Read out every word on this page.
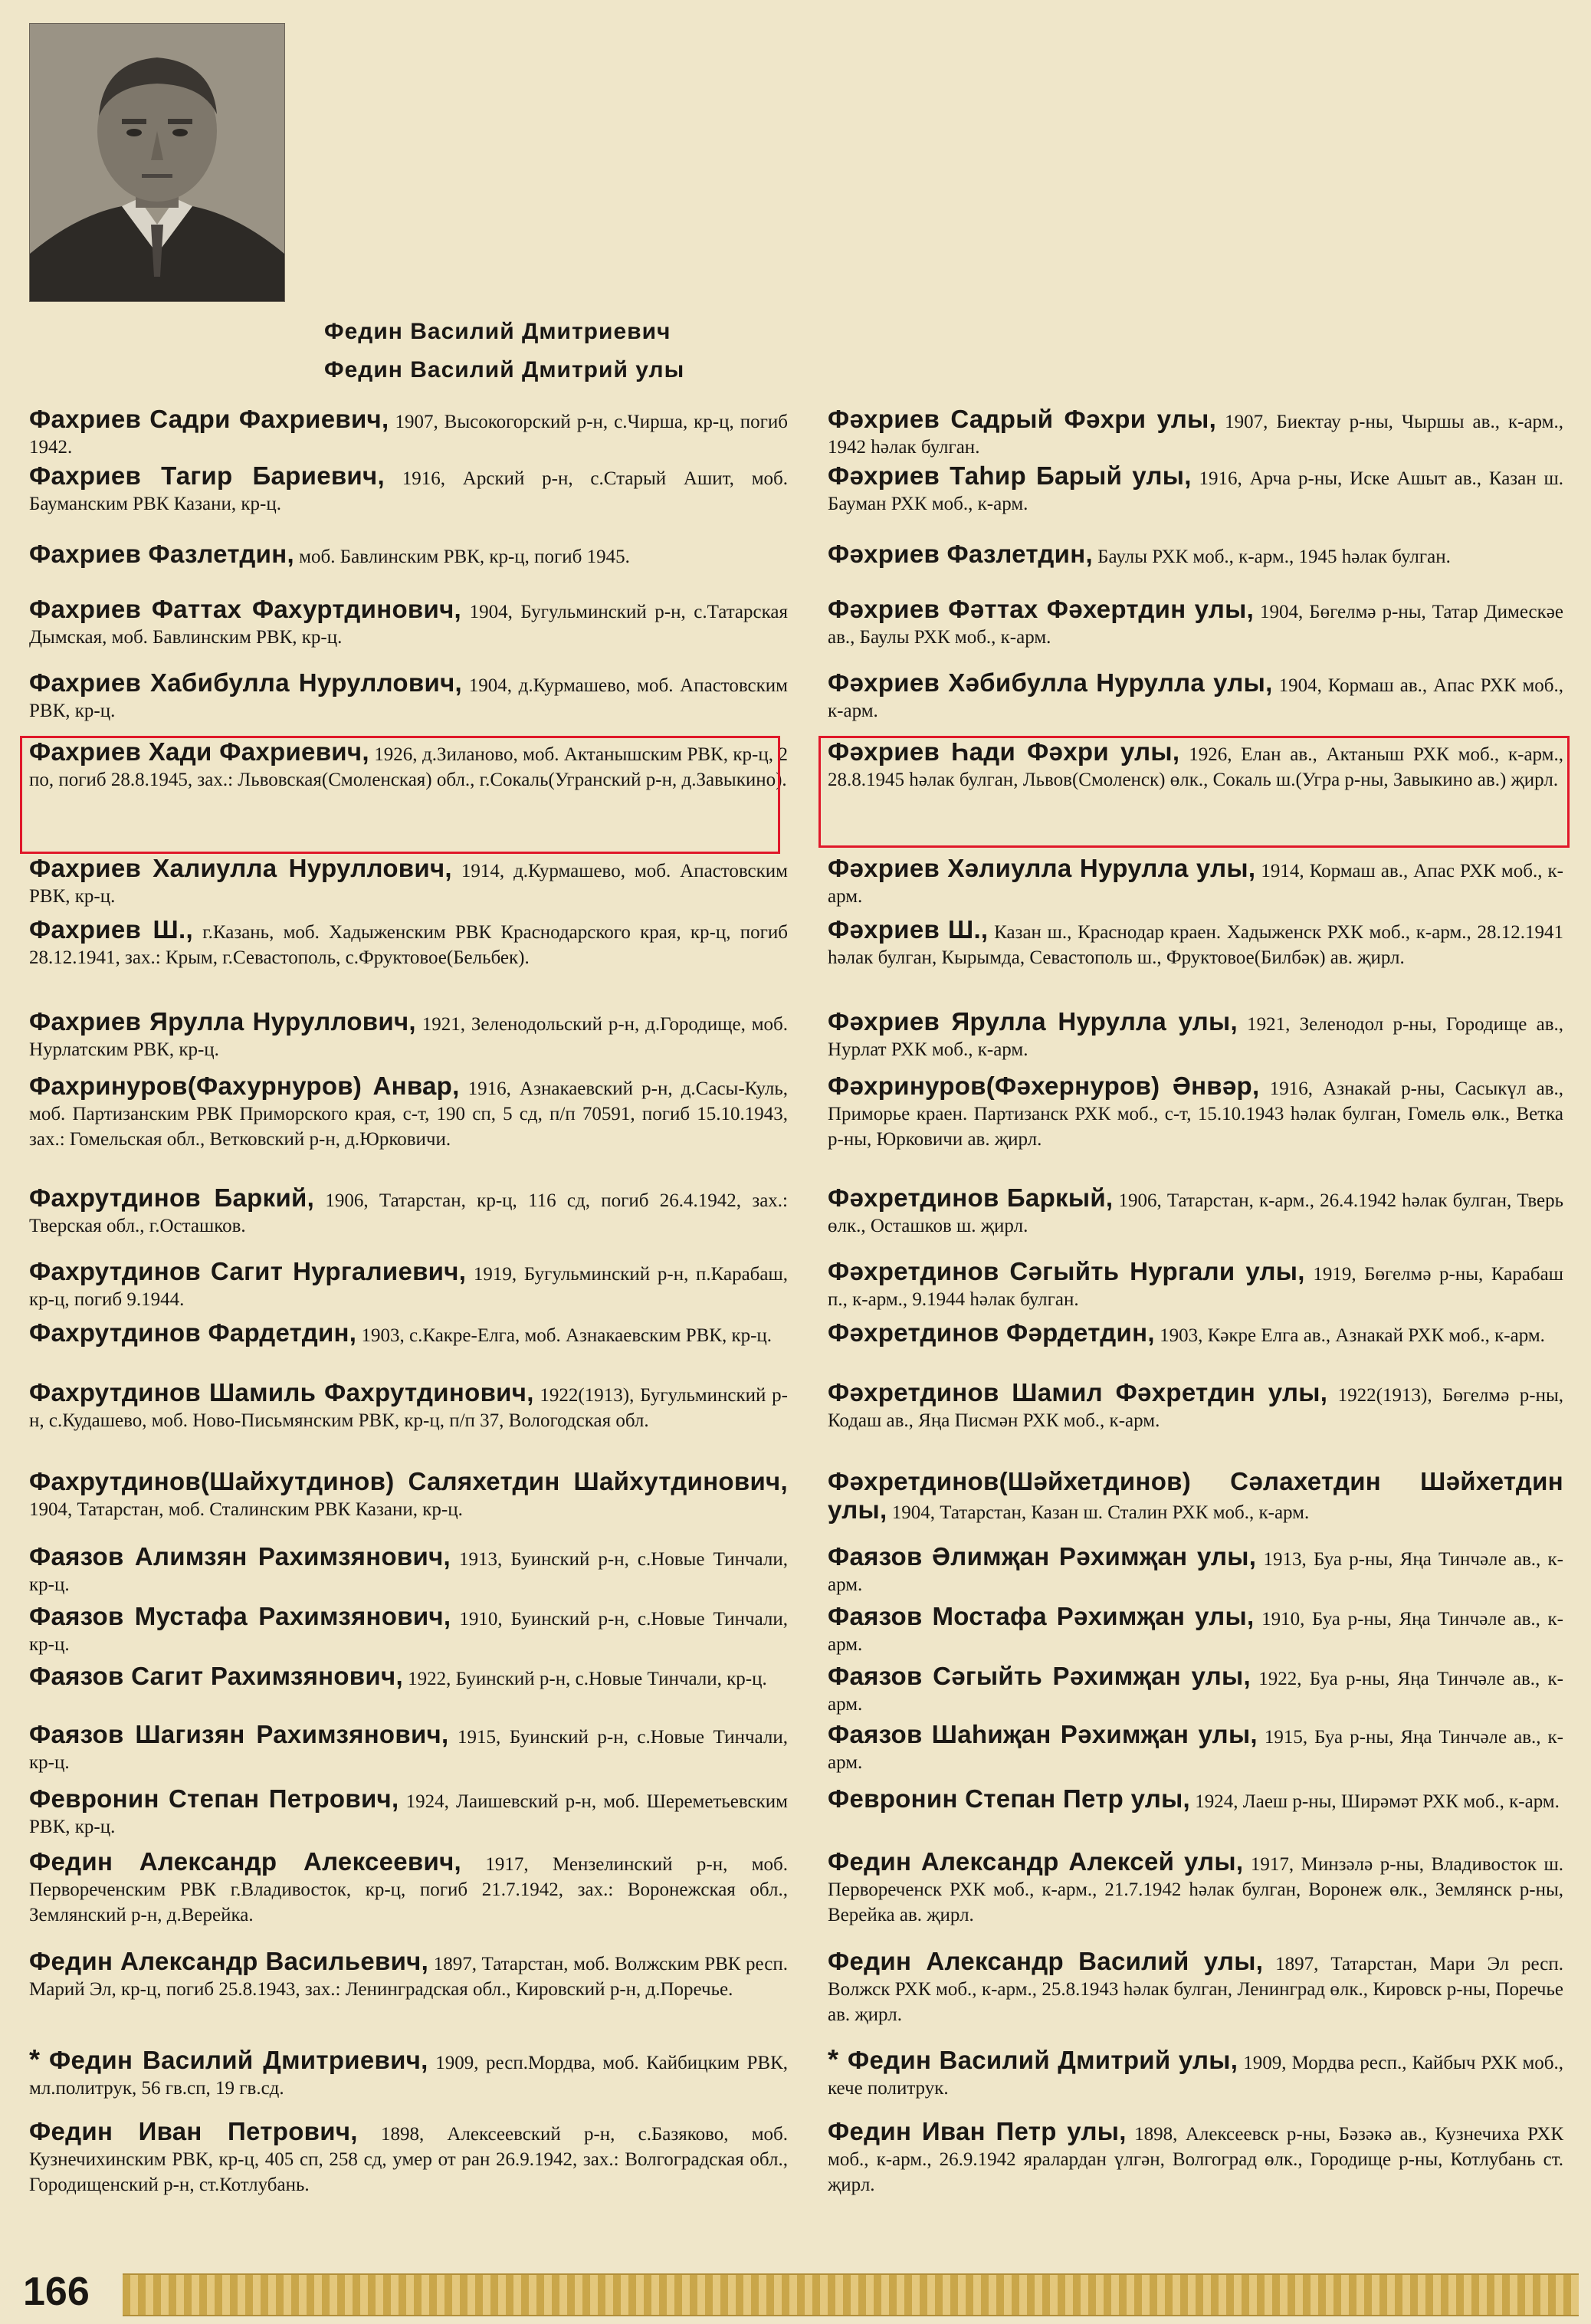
Федин Василий Дмитриевич
Федин Василий Дмитрий улы
Фахриев Садри Фахриевич, 1907, Высокогорский р-н, с.Чирша, кр-ц, погиб 1942.
Фахриев Тагир Бариевич, 1916, Арский р-н, с.Старый Ашит, моб. Бауманским РВК Казани, кр-ц.
Фахриев Фазлетдин, моб. Бавлинским РВК, кр-ц, погиб 1945.
Фахриев Фаттах Фахуртдинович, 1904, Бугульминский р-н, с.Татарская Дымская, моб. Бавлинским РВК, кр-ц.
Фахриев Хабибулла Нуруллович, 1904, д.Курмашево, моб. Апастовским РВК, кр-ц.
Фахриев Хади Фахриевич, 1926, д.Зиланово, моб. Актанышским РВК, кр-ц, 2 по, погиб 28.8.1945, зах.: Львовская(Смоленская) обл., г.Сокаль(Угранский р-н, д.Завыкино).
Фахриев Халиулла Нуруллович, 1914, д.Курмашево, моб. Апастовским РВК, кр-ц.
Фахриев Ш., г.Казань, моб. Хадыженским РВК Краснодарского края, кр-ц, погиб 28.12.1941, зах.: Крым, г.Севастополь, с.Фруктовое(Бельбек).
Фахриев Ярулла Нуруллович, 1921, Зеленодольский р-н, д.Городище, моб. Нурлатским РВК, кр-ц.
Фахринуров(Фахурнуров) Анвар, 1916, Азнакаевский р-н, д.Сасы-Куль, моб. Партизанским РВК Приморского края, с-т, 190 сп, 5 сд, п/п 70591, погиб 15.10.1943, зах.: Гомельская обл., Ветковский р-н, д.Юрковичи.
Фахрутдинов Баркий, 1906, Татарстан, кр-ц, 116 сд, погиб 26.4.1942, зах.: Тверская обл., г.Осташков.
Фахрутдинов Сагит Нургалиевич, 1919, Бугульминский р-н, п.Карабаш, кр-ц, погиб 9.1944.
Фахрутдинов Фардетдин, 1903, с.Какре-Елга, моб. Азнакаевским РВК, кр-ц.
Фахрутдинов Шамиль Фахрутдинович, 1922(1913), Бугульминский р-н, с.Кудашево, моб. Ново-Письмянским РВК, кр-ц, п/п 37, Вологодская обл.
Фахрутдинов(Шайхутдинов) Саляхетдин Шайхутдинович, 1904, Татарстан, моб. Сталинским РВК Казани, кр-ц.
Фаязов Алимзян Рахимзянович, 1913, Буинский р-н, с.Новые Тинчали, кр-ц.
Фаязов Мустафа Рахимзянович, 1910, Буинский р-н, с.Новые Тинчали, кр-ц.
Фаязов Сагит Рахимзянович, 1922, Буинский р-н, с.Новые Тинчали, кр-ц.
Фаязов Шагизян Рахимзянович, 1915, Буинский р-н, с.Новые Тинчали, кр-ц.
Февронин Степан Петрович, 1924, Лаишевский р-н, моб. Шереметьевским РВК, кр-ц.
Федин Александр Алексеевич, 1917, Мензелинский р-н, моб. Первореченским РВК г.Владивосток, кр-ц, погиб 21.7.1942, зах.: Воронежская обл., Землянский р-н, д.Верейка.
Федин Александр Васильевич, 1897, Татарстан, моб. Волжским РВК респ. Марий Эл, кр-ц, погиб 25.8.1943, зах.: Ленинградская обл., Кировский р-н, д.Поречье.
* Федин Василий Дмитриевич, 1909, респ.Мордва, моб. Кайбицким РВК, мл.политрук, 56 гв.сп, 19 гв.сд.
Федин Иван Петрович, 1898, Алексеевский р-н, с.Базяково, моб. Кузнечихинским РВК, кр-ц, 405 сп, 258 сд, умер от ран 26.9.1942, зах.: Волгоградская обл., Городищенский р-н, ст.Котлубань.
Фәхриев Садрый Фәхри улы, 1907, Биектау р-ны, Чыршы ав., к-арм., 1942 һәлак булган.
Фәхриев Таһир Барый улы, 1916, Арча р-ны, Иске Ашыт ав., Казан ш. Бауман РХК моб., к-арм.
Фәхриев Фазлетдин, Баулы РХК моб., к-арм., 1945 һәлак булган.
Фәхриев Фәттах Фәхертдин улы, 1904, Бөгелмә р-ны, Татар Димескәе ав., Баулы РХК моб., к-арм.
Фәхриев Хәбибулла Нурулла улы, 1904, Кормаш ав., Апас РХК моб., к-арм.
Фәхриев Һади Фәхри улы, 1926, Елан ав., Актаныш РХК моб., к-арм., 28.8.1945 һәлак булган, Львов(Смоленск) өлк., Сокаль ш.(Угра р-ны, Завыкино ав.) җирл.
Фәхриев Хәлиулла Нурулла улы, 1914, Кормаш ав., Апас РХК моб., к-арм.
Фәхриев Ш., Казан ш., Краснодар краен. Хадыженск РХК моб., к-арм., 28.12.1941 һәлак булган, Кырымда, Севастополь ш., Фруктовое(Билбәк) ав. җирл.
Фәхриев Ярулла Нурулла улы, 1921, Зеленодол р-ны, Городище ав., Нурлат РХК моб., к-арм.
Фәхринуров(Фәхернуров) Әнвәр, 1916, Азнакай р-ны, Сасыкүл ав., Приморье краен. Партизанск РХК моб., с-т, 15.10.1943 һәлак булган, Гомель өлк., Ветка р-ны, Юрковичи ав. җирл.
Фәхретдинов Баркый, 1906, Татарстан, к-арм., 26.4.1942 һәлак булган, Тверь өлк., Осташков ш. җирл.
Фәхретдинов Сәгыйть Нургали улы, 1919, Бөгелмә р-ны, Карабаш п., к-арм., 9.1944 һәлак булган.
Фәхретдинов Фәрдетдин, 1903, Кәкре Елга ав., Азнакай РХК моб., к-арм.
Фәхретдинов Шамил Фәхретдин улы, 1922(1913), Бөгелмә р-ны, Кодаш ав., Яңа Писмән РХК моб., к-арм.
Фәхретдинов(Шәйхетдинов) Сәлахетдин Шәйхетдин улы, 1904, Татарстан, Казан ш. Сталин РХК моб., к-арм.
Фаязов Әлимҗан Рәхимҗан улы, 1913, Буа р-ны, Яңа Тинчәле ав., к-арм.
Фаязов Мостафа Рәхимҗан улы, 1910, Буа р-ны, Яңа Тинчәле ав., к-арм.
Фаязов Сәгыйть Рәхимҗан улы, 1922, Буа р-ны, Яңа Тинчәле ав., к-арм.
Фаязов Шаһиҗан Рәхимҗан улы, 1915, Буа р-ны, Яңа Тинчәле ав., к-арм.
Февронин Степан Петр улы, 1924, Лаеш р-ны, Ширәмәт РХК моб., к-арм.
Федин Александр Алексей улы, 1917, Минзәлә р-ны, Владивосток ш. Первореченск РХК моб., к-арм., 21.7.1942 һәлак булган, Воронеж өлк., Землянск р-ны, Верейка ав. җирл.
Федин Александр Василий улы, 1897, Татарстан, Мари Эл респ. Волжск РХК моб., к-арм., 25.8.1943 һәлак булган, Ленинград өлк., Кировск р-ны, Поречье ав. җирл.
* Федин Василий Дмитрий улы, 1909, Мордва респ., Кайбыч РХК моб., кече политрук.
Федин Иван Петр улы, 1898, Алексеевск р-ны, Бәзәкә ав., Кузнечиха РХК моб., к-арм., 26.9.1942 яралардан үлгән, Волгоград өлк., Городище р-ны, Котлубань ст. җирл.
166
